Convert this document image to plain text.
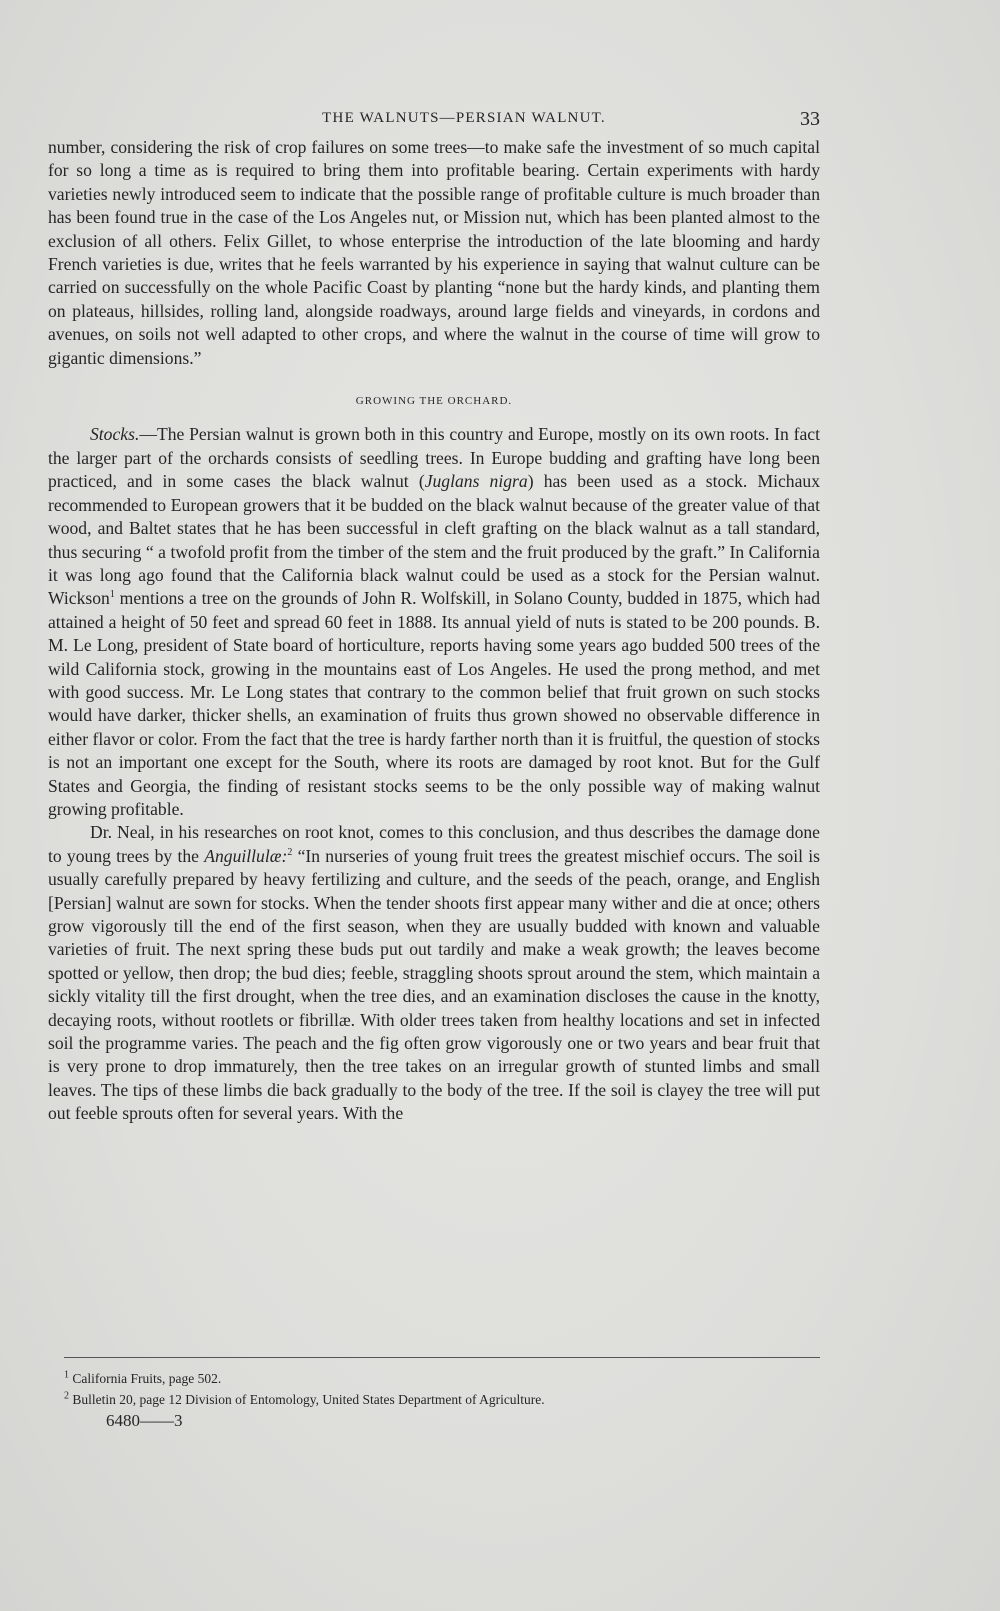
THE WALNUTS—PERSIAN WALNUT.	33

number, considering the risk of crop failures on some trees—to make safe the investment of so much capital for so long a time as is required to bring them into profitable bearing. Certain experiments with hardy varieties newly introduced seem to indicate that the possible range of profitable culture is much broader than has been found true in the case of the Los Angeles nut, or Mission nut, which has been planted almost to the exclusion of all others. Felix Gillet, to whose enterprise the introduction of the late blooming and hardy French varieties is due, writes that he feels warranted by his experience in saying that walnut culture can be carried on successfully on the whole Pacific Coast by planting “none but the hardy kinds, and planting them on plateaus, hillsides, rolling land, alongside roadways, around large fields and vineyards, in cordons and avenues, on soils not well adapted to other crops, and where the walnut in the course of time will grow to gigantic dimensions.”

GROWING THE ORCHARD.

Stocks.—The Persian walnut is grown both in this country and Europe, mostly on its own roots. In fact the larger part of the orchards consists of seedling trees. In Europe budding and grafting have long been practiced, and in some cases the black walnut (Juglans nigra) has been used as a stock. Michaux recommended to European growers that it be budded on the black walnut because of the greater value of that wood, and Baltet states that he has been successful in cleft grafting on the black walnut as a tall standard, thus securing “ a twofold profit from the timber of the stem and the fruit produced by the graft.” In California it was long ago found that the California black walnut could be used as a stock for the Persian walnut. Wickson$^1$ mentions a tree on the grounds of John R. Wolfskill, in Solano County, budded in 1875, which had attained a height of 50 feet and spread 60 feet in 1888. Its annual yield of nuts is stated to be 200 pounds. B. M. Le Long, president of State board of horticulture, reports having some years ago budded 500 trees of the wild California stock, growing in the mountains east of Los Angeles. He used the prong method, and met with good success. Mr. Le Long states that contrary to the common belief that fruit grown on such stocks would have darker, thicker shells, an examination of fruits thus grown showed no observable difference in either flavor or color. From the fact that the tree is hardy farther north than it is fruitful, the question of stocks is not an important one except for the South, where its roots are damaged by root knot. But for the Gulf States and Georgia, the finding of resistant stocks seems to be the only possible way of making walnut growing profitable.

Dr. Neal, in his researches on root knot, comes to this conclusion, and thus describes the damage done to young trees by the Anguillulæ:$^2$ “In nurseries of young fruit trees the greatest mischief occurs. The soil is usually carefully prepared by heavy fertilizing and culture, and the seeds of the peach, orange, and English [Persian] walnut are sown for stocks. When the tender shoots first appear many wither and die at once; others grow vigorously till the end of the first season, when they are usually budded with known and valuable varieties of fruit. The next spring these buds put out tardily and make a weak growth; the leaves become spotted or yellow, then drop; the bud dies; feeble, straggling shoots sprout around the stem, which maintain a sickly vitality till the first drought, when the tree dies, and an examination discloses the cause in the knotty, decaying roots, without rootlets or fibrillæ. With older trees taken from healthy locations and set in infected soil the programme varies. The peach and the fig often grow vigorously one or two years and bear fruit that is very prone to drop immaturely, then the tree takes on an irregular growth of stunted limbs and small leaves. The tips of these limbs die back gradually to the body of the tree. If the soil is clayey the tree will put out feeble sprouts often for several years. With the

$^1$ California Fruits, page 502.

$^2$ Bulletin 20, page 12 Division of Entomology, United States Department of Agriculture.

6480——3
